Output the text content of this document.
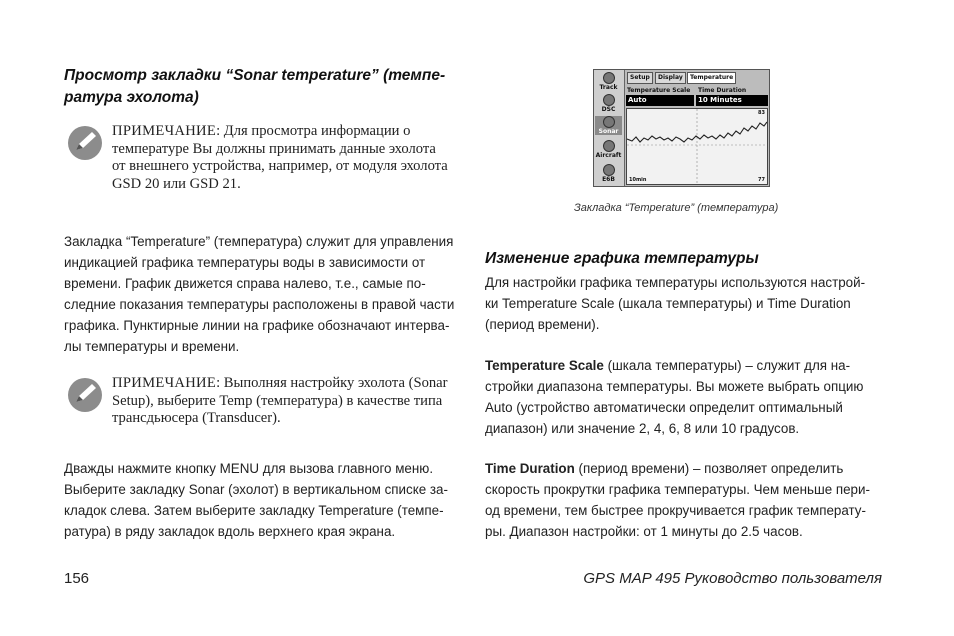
Просмотр закладки “Sonar temperature” (темпе-
ратура эхолота)
ПРИМЕЧАНИЕ: Для просмотра информации о
температуре Вы должны принимать данные эхолота
от внешнего устройства, например, от модуля эхолота
GSD 20 или GSD 21.
Закладка “Temperature” (температура) служит для управления
индикацией графика температуры воды в зависимости от
времени. График движется справа налево, т.е., самые по-
следние показания температуры расположены в правой части
графика. Пунктирные линии на графике обозначают интерва-
лы температуры и времени.
ПРИМЕЧАНИЕ: Выполняя настройку эхолота (Sonar
Setup), выберите Temp (температура) в качестве типа
трансдьюсера (Transducer).
Дважды нажмите кнопку MENU для вызова главного меню.
Выберите закладку Sonar (эхолот) в вертикальном списке за-
кладок слева. Затем выберите закладку Temperature (темпе-
ратура) в ряду закладок вдоль верхнего края экрана.
Track
DSC
Sonar
Aircraft
E6B
Setup	Display	Temperature
Temperature Scale Time Duration
Auto	10 Minutes
83
10min	77
Закладка “Temperature” (температура)
Изменение графика температуры
Для настройки графика температуры используются настрой-
ки Temperature Scale (шкала температуры) и Time Duration
(период времени).
Temperature Scale (шкала температуры) – служит для на-
стройки диапазона температуры. Вы можете выбрать опцию
Auto (устройство автоматически определит оптимальный
диапазон) или значение 2, 4, 6, 8 или 10 градусов.
Time Duration (период времени) – позволяет определить
скорость прокрутки графика температуры. Чем меньше пери-
од времени, тем быстрее прокручивается график температу-
ры. Диапазон настройки: от 1 минуты до 2.5 часов.
156	GPS MAP 495 Руководство пользователя
